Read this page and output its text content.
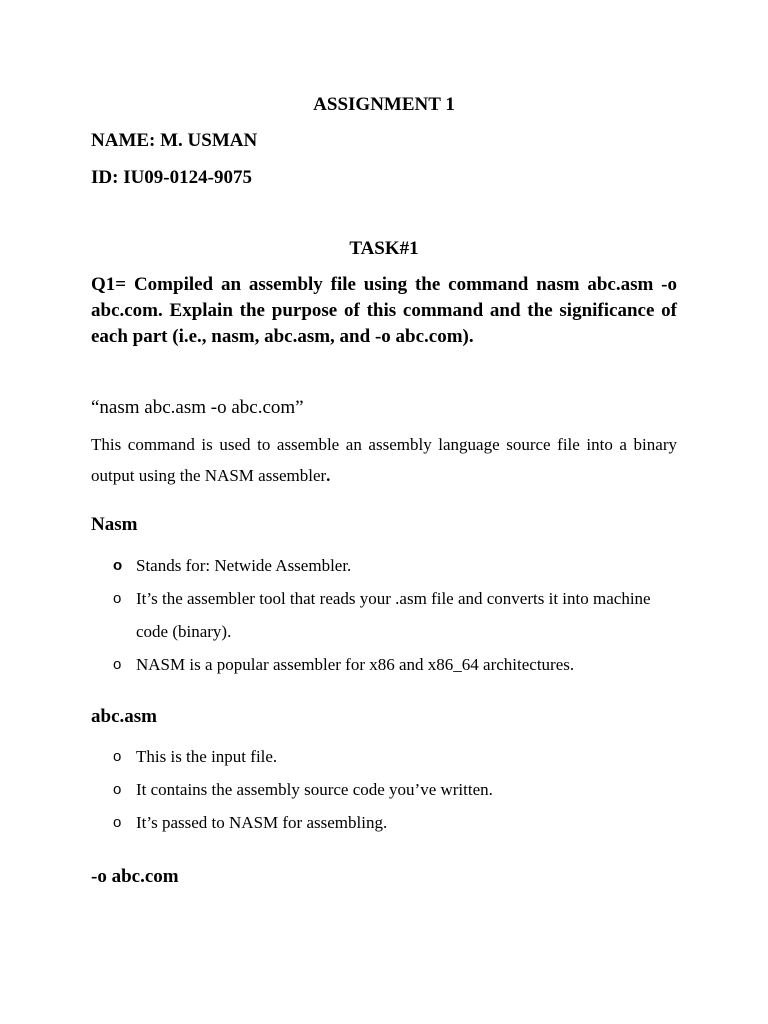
ASSIGNMENT 1
NAME: M. USMAN
ID: IU09-0124-9075
TASK#1
Q1= Compiled an assembly file using the command nasm abc.asm -o abc.com. Explain the purpose of this command and the significance of each part (i.e., nasm, abc.asm, and -o abc.com).
“nasm abc.asm -o abc.com”
This command is used to assemble an assembly language source file into a binary output using the NASM assembler.
Nasm
o Stands for: Netwide Assembler.
o It’s the assembler tool that reads your .asm file and converts it into machine code (binary).
o NASM is a popular assembler for x86 and x86_64 architectures.
abc.asm
o This is the input file.
o It contains the assembly source code you’ve written.
o It’s passed to NASM for assembling.
-o abc.com
